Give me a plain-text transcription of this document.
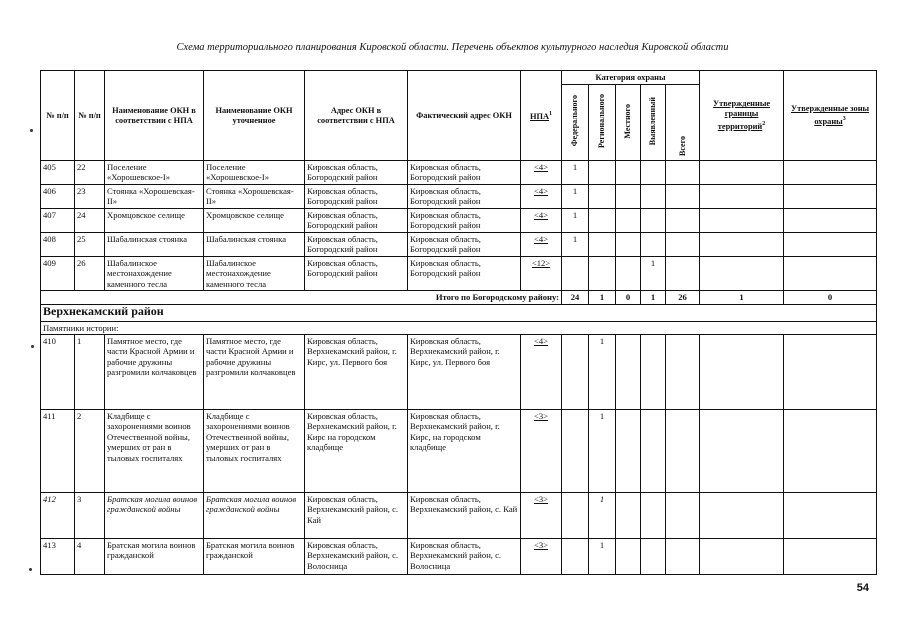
Схема территориального планирования Кировской области. Перечень объектов культурного наследия Кировской области
№ п/п	№ п/п	Наименование ОКН в соответствии с НПА	Наименование ОКН уточненное	Адрес ОКН в соответствии с НПА	Фактический адрес ОКН	НПА$^1$	Категория охраны					Утвержденные границы территорий$^2$	Утвержденные зоны охраны$^3$
							Федерального	Регионального	Местного	Выявленный	Всего		
405	22	Поселение «Хорошевское-I»	Поселение «Хорошевское-I»	Кировская область, Богородский район	Кировская область, Богородский район	<4>	1						
406	23	Стоянка «Хорошевская-II»	Стоянка «Хорошевская-II»	Кировская область, Богородский район	Кировская область, Богородский район	<4>	1						
407	24	Хромцовское селище	Хромцовское селище	Кировская область, Богородский район	Кировская область, Богородский район	<4>	1						
408	25	Шабалинская стоянка	Шабалинская стоянка	Кировская область, Богородский район	Кировская область, Богородский район	<4>	1						
409	26	Шабалинское местонахождение каменного тесла	Шабалинское местонахождение каменного тесла	Кировская область, Богородский район	Кировская область, Богородский район	<12>				1			
Итого по Богородскому району:							24	1	0	1	26	1	0
Верхнекамский район													
Памятники истории:													
410	1	Памятное место, где части Красной Армии и рабочие дружины разгромили колчаковцев	Памятное место, где части Красной Армии и рабочие дружины разгромили колчаковцев	Кировская область, Верхнекамский район, г. Кирс, ул. Первого боя	Кировская область, Верхнекамский район, г. Кирс, ул. Первого боя	<4>		1					
411	2	Кладбище с захоронениями воинов Отечественной войны, умерших от ран в тыловых госпиталях	Кладбище с захоронениями воинов Отечественной войны, умерших от ран в тыловых госпиталях	Кировская область, Верхнекамский район, г. Кирс на городском кладбище	Кировская область, Верхнекамский район, г. Кирс, на городском кладбище	<3>		1					
412	3	Братская могила воинов гражданской войны	Братская могила воинов гражданской войны	Кировская область, Верхнекамский район, с. Кай	Кировская область, Верхнекамский район, с. Кай	<3>		1					
413	4	Братская могила воинов гражданской	Братская могила воинов гражданской	Кировская область, Верхнекамский район, с. Волосница	Кировская область, Верхнекамский район, с. Волосница	<3>		1					
54
